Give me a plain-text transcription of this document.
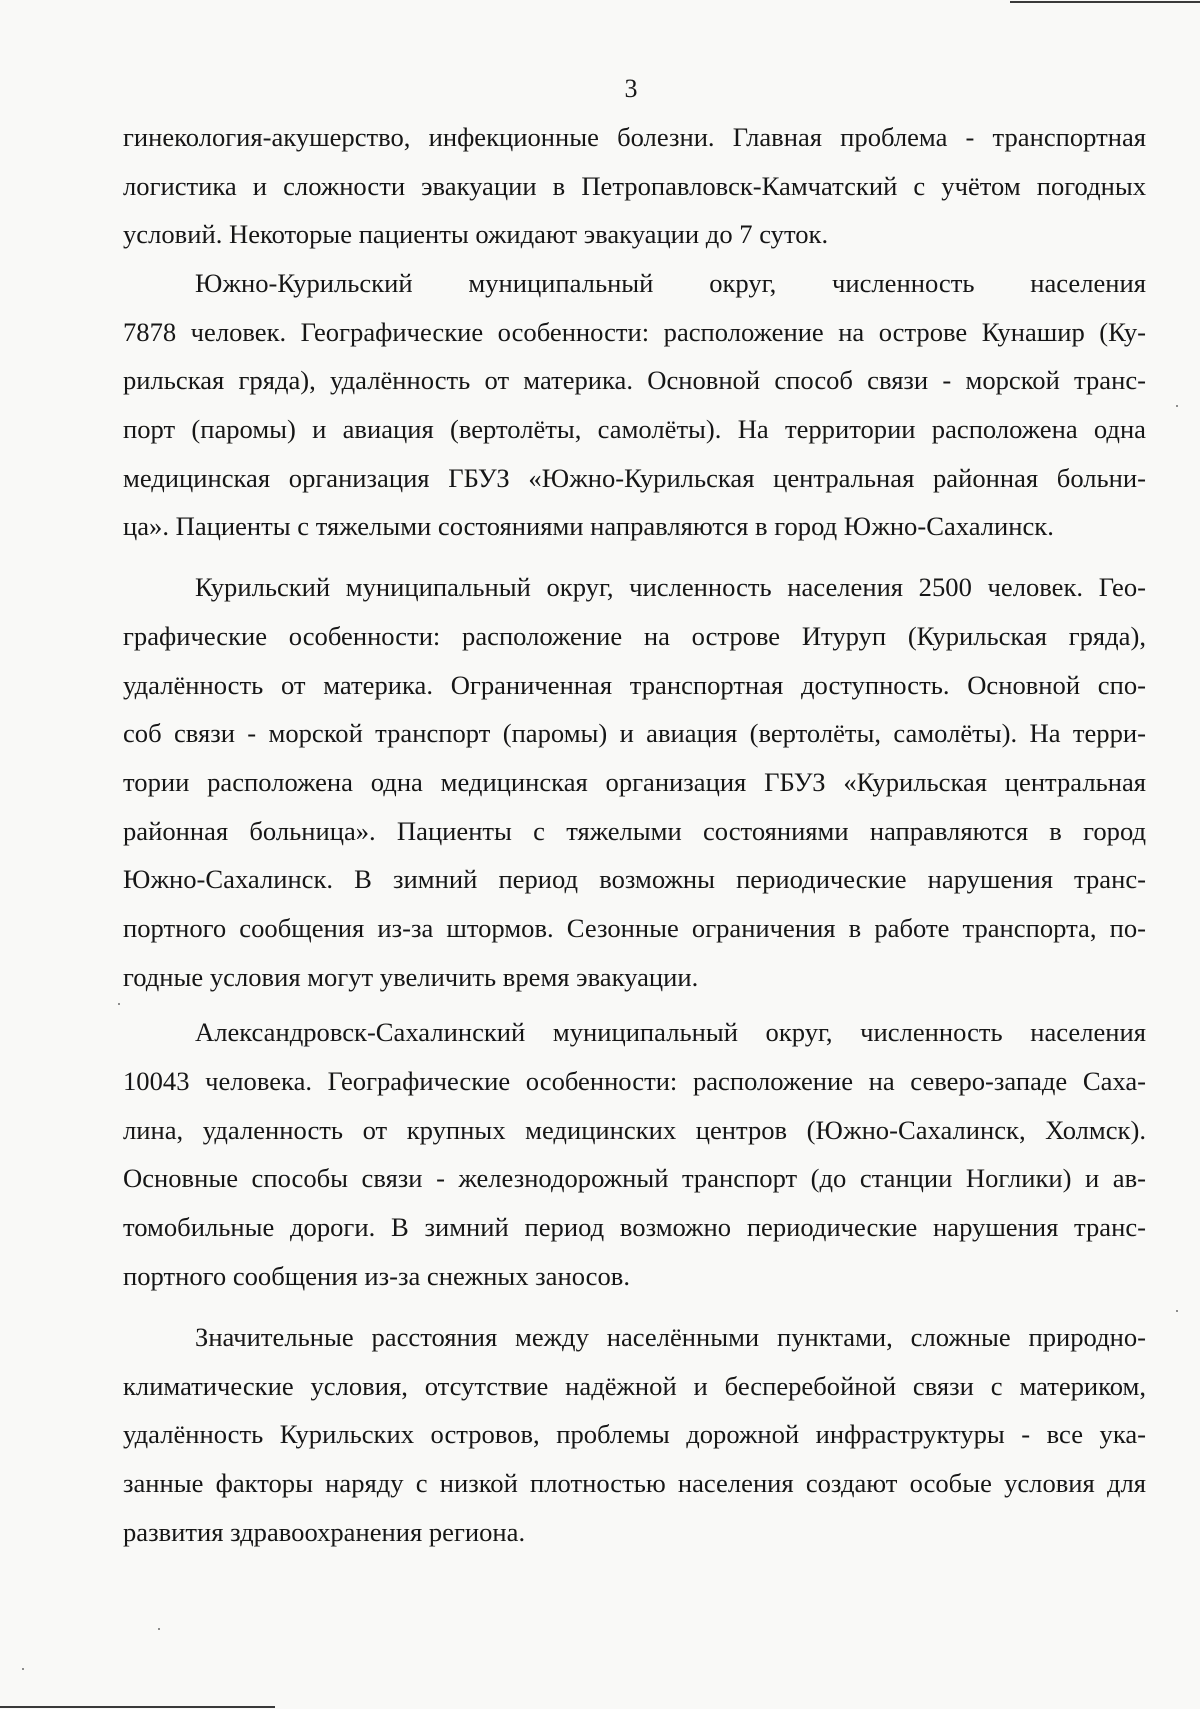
3
гинекология-акушерство, инфекционные болезни. Главная проблема - транспортная
логистика и сложности эвакуации в Петропавловск-Камчатский с учётом погодных
условий. Некоторые пациенты ожидают эвакуации до 7 суток.
Южно-Курильский муниципальный округ, численность населения
7878 человек. Географические особенности: расположение на острове Кунашир (Ку-
рильская гряда), удалённость от материка. Основной способ связи - морской транс-
порт (паромы) и авиация (вертолёты, самолёты). На территории расположена одна
медицинская организация ГБУЗ «Южно-Курильская центральная районная больни-
ца». Пациенты с тяжелыми состояниями направляются в город Южно-Сахалинск.
Курильский муниципальный округ, численность населения 2500 человек. Гео-
графические особенности: расположение на острове Итуруп (Курильская гряда),
удалённость от материка. Ограниченная транспортная доступность. Основной спо-
соб связи - морской транспорт (паромы) и авиация (вертолёты, самолёты). На терри-
тории расположена одна медицинская организация ГБУЗ «Курильская центральная
районная больница». Пациенты с тяжелыми состояниями направляются в город
Южно-Сахалинск. В зимний период возможны периодические нарушения транс-
портного сообщения из-за штормов. Сезонные ограничения в работе транспорта, по-
годные условия могут увеличить время эвакуации.
Александровск-Сахалинский муниципальный округ, численность населения
10043 человека. Географические особенности: расположение на северо-западе Саха-
лина, удаленность от крупных медицинских центров (Южно-Сахалинск, Холмск).
Основные способы связи - железнодорожный транспорт (до станции Ноглики) и ав-
томобильные дороги. В зимний период возможно периодические нарушения транс-
портного сообщения из-за снежных заносов.
Значительные расстояния между населёнными пунктами, сложные природно-
климатические условия, отсутствие надёжной и бесперебойной связи с материком,
удалённость Курильских островов, проблемы дорожной инфраструктуры - все ука-
занные факторы наряду с низкой плотностью населения создают особые условия для
развития здравоохранения региона.
